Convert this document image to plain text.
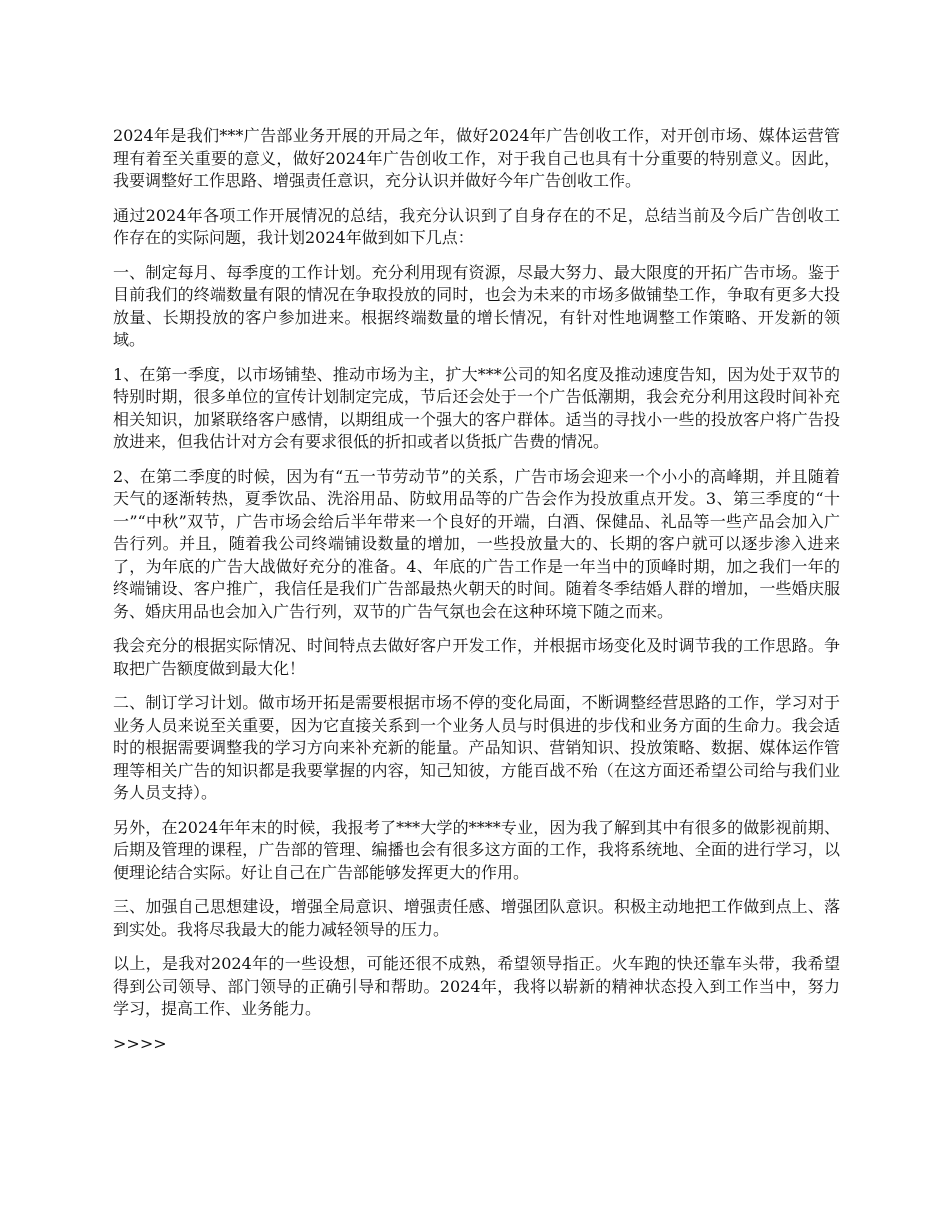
2024年是我们***广告部业务开展的开局之年，做好2024年广告创收工作，对开创市场、媒体运营管理有着至关重要的意义，做好2024年广告创收工作，对于我自己也具有十分重要的特别意义。因此，我要调整好工作思路、增强责任意识，充分认识并做好今年广告创收工作。

通过2024年各项工作开展情况的总结，我充分认识到了自身存在的不足，总结当前及今后广告创收工作存在的实际问题，我计划2024年做到如下几点：

一、制定每月、每季度的工作计划。充分利用现有资源，尽最大努力、最大限度的开拓广告市场。鉴于目前我们的终端数量有限的情况在争取投放的同时，也会为未来的市场多做铺垫工作，争取有更多大投放量、长期投放的客户参加进来。根据终端数量的增长情况，有针对性地调整工作策略、开发新的领域。

1、在第一季度，以市场铺垫、推动市场为主，扩大***公司的知名度及推动速度告知，因为处于双节的特别时期，很多单位的宣传计划制定完成，节后还会处于一个广告低潮期，我会充分利用这段时间补充相关知识，加紧联络客户感情，以期组成一个强大的客户群体。适当的寻找小一些的投放客户将广告投放进来，但我估计对方会有要求很低的折扣或者以货抵广告费的情况。

2、在第二季度的时候，因为有“五一节劳动节”的关系，广告市场会迎来一个小小的高峰期，并且随着天气的逐渐转热，夏季饮品、洗浴用品、防蚊用品等的广告会作为投放重点开发。3、第三季度的“十一”“中秋”双节，广告市场会给后半年带来一个良好的开端，白酒、保健品、礼品等一些产品会加入广告行列。并且，随着我公司终端铺设数量的增加，一些投放量大的、长期的客户就可以逐步渗入进来了，为年底的广告大战做好充分的准备。4、年底的广告工作是一年当中的顶峰时期，加之我们一年的终端铺设、客户推广，我信任是我们广告部最热火朝天的时间。随着冬季结婚人群的增加，一些婚庆服务、婚庆用品也会加入广告行列，双节的广告气氛也会在这种环境下随之而来。

我会充分的根据实际情况、时间特点去做好客户开发工作，并根据市场变化及时调节我的工作思路。争取把广告额度做到最大化！

二、制订学习计划。做市场开拓是需要根据市场不停的变化局面，不断调整经营思路的工作，学习对于业务人员来说至关重要，因为它直接关系到一个业务人员与时俱进的步伐和业务方面的生命力。我会适时的根据需要调整我的学习方向来补充新的能量。产品知识、营销知识、投放策略、数据、媒体运作管理等相关广告的知识都是我要掌握的内容，知己知彼，方能百战不殆（在这方面还希望公司给与我们业务人员支持）。

另外，在2024年年末的时候，我报考了***大学的****专业，因为我了解到其中有很多的做影视前期、后期及管理的课程，广告部的管理、编播也会有很多这方面的工作，我将系统地、全面的进行学习，以便理论结合实际。好让自己在广告部能够发挥更大的作用。

三、加强自己思想建设，增强全局意识、增强责任感、增强团队意识。积极主动地把工作做到点上、落到实处。我将尽我最大的能力减轻领导的压力。

以上，是我对2024年的一些设想，可能还很不成熟，希望领导指正。火车跑的快还靠车头带，我希望得到公司领导、部门领导的正确引导和帮助。2024年，我将以崭新的精神状态投入到工作当中，努力学习，提高工作、业务能力。

>>>>
